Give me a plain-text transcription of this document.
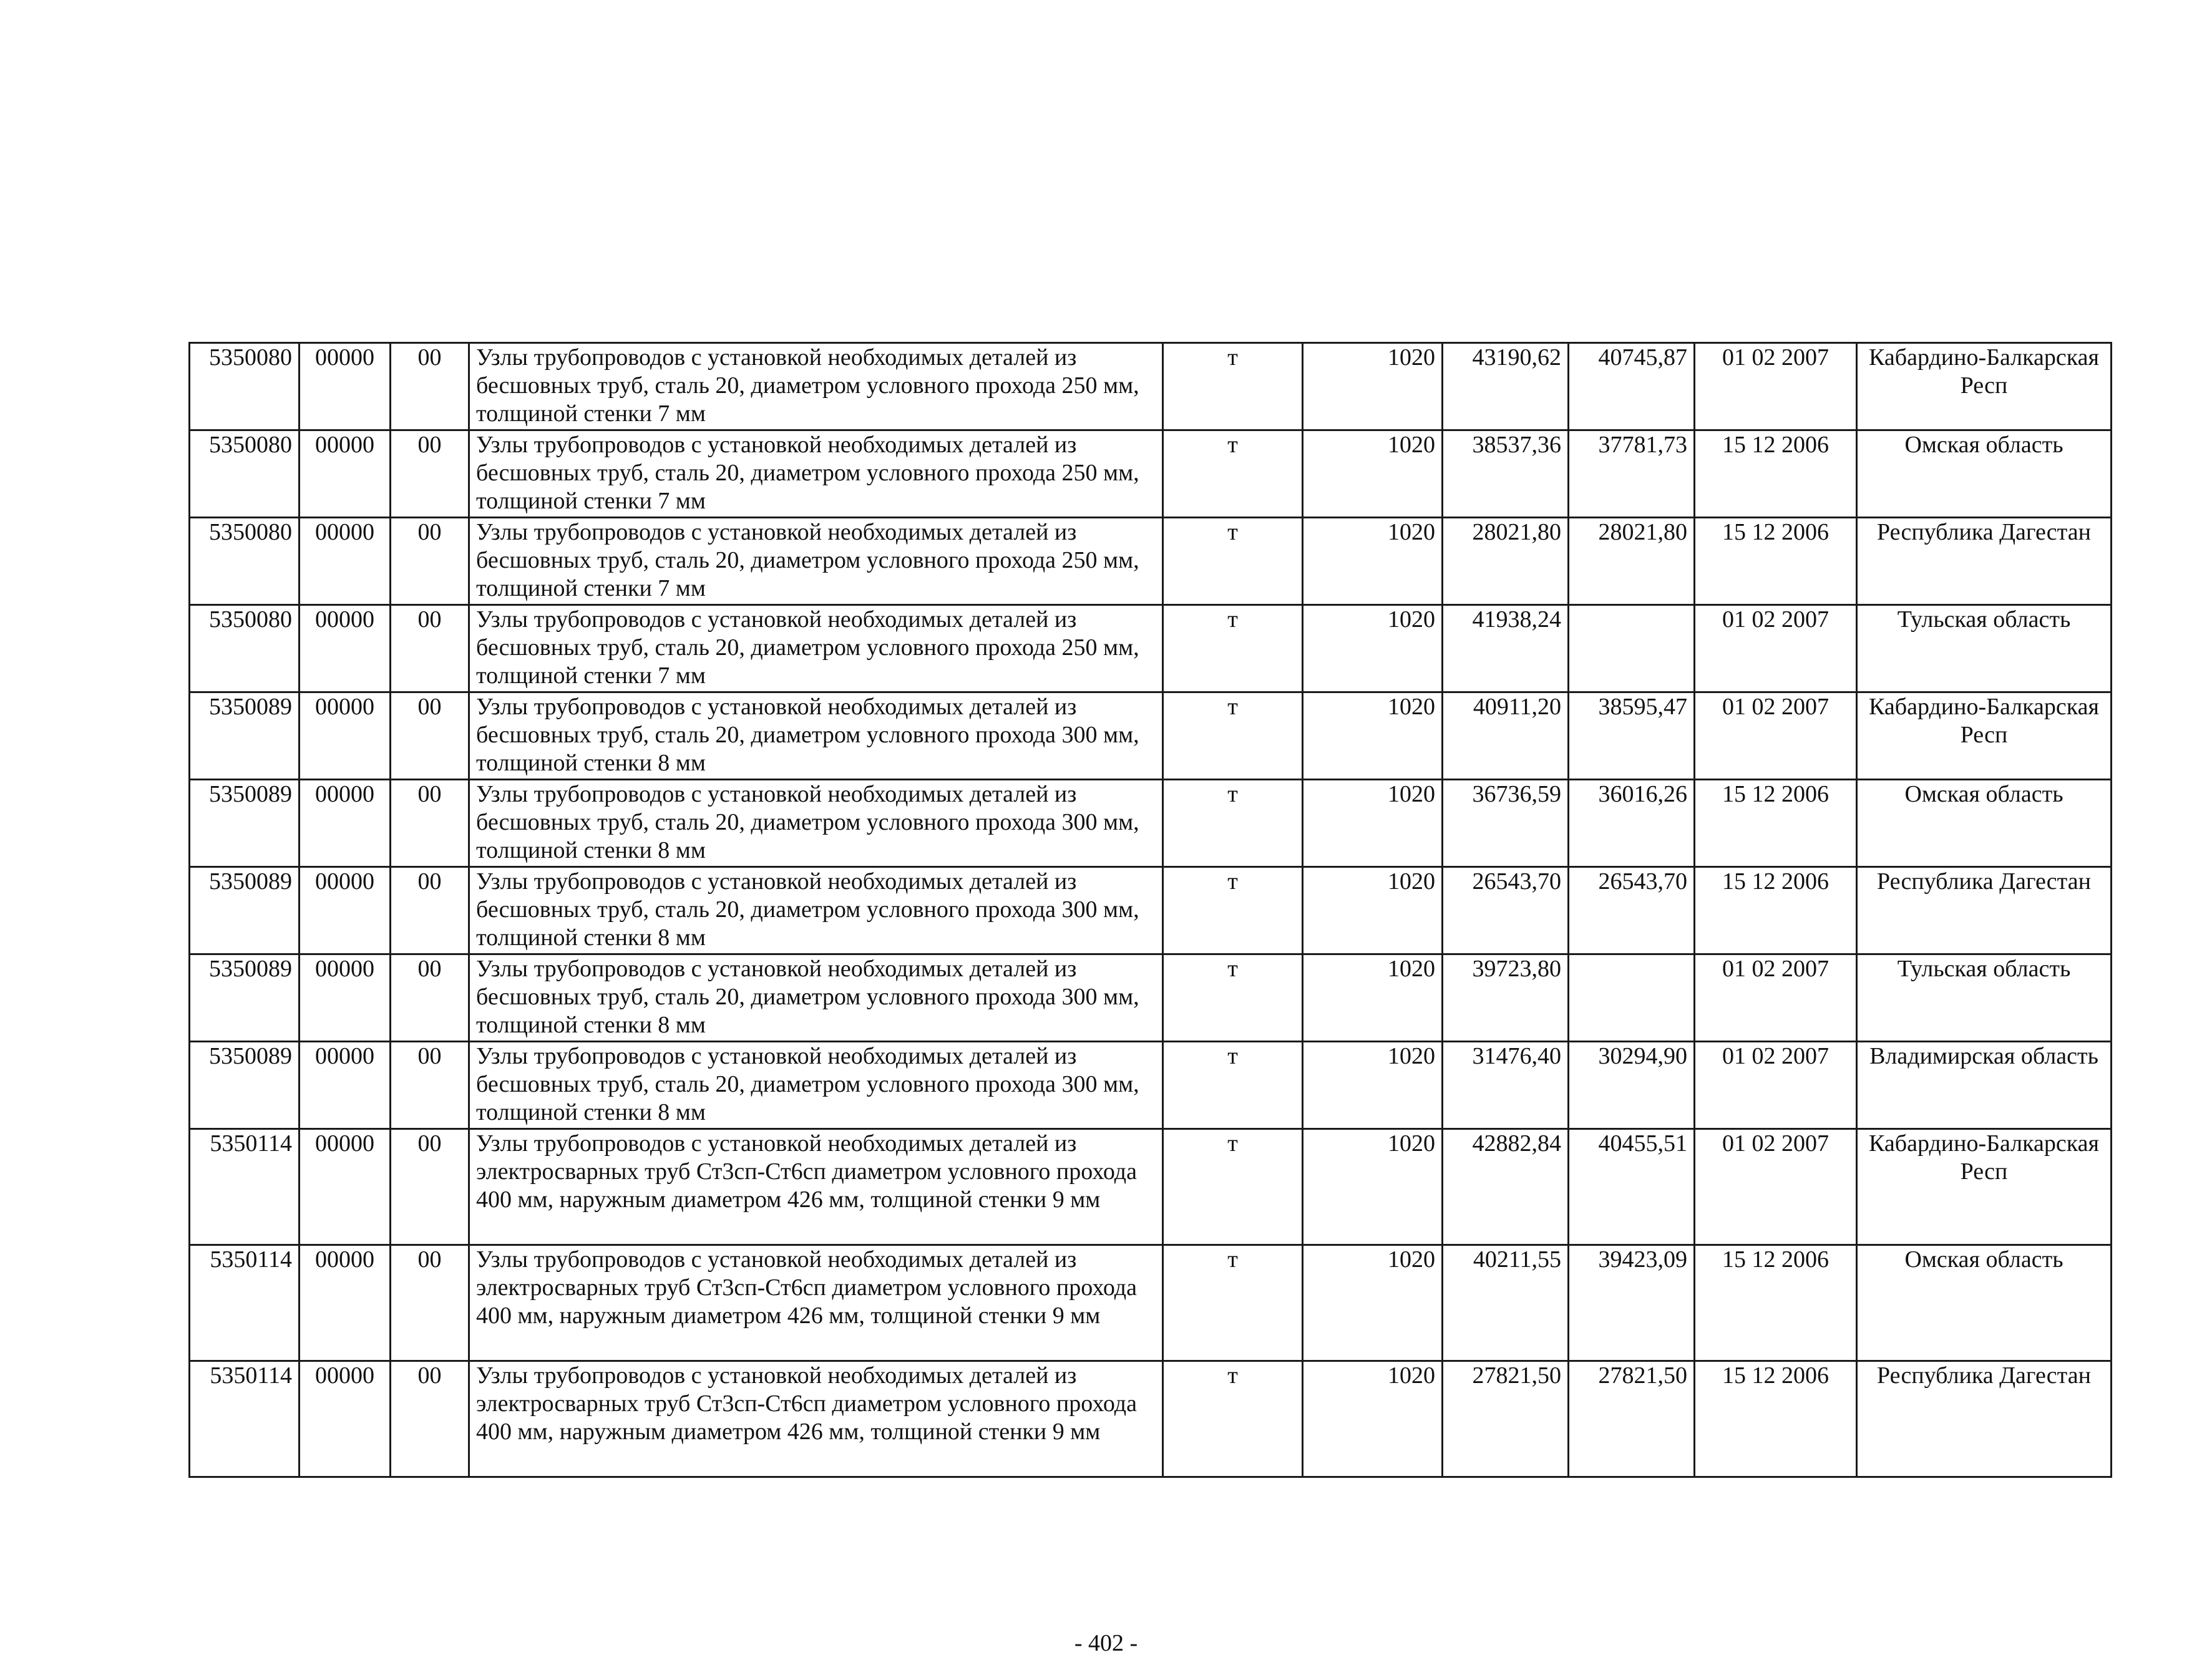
5350080	00000	00	Узлы трубопроводов с установкой необходимых деталей из бесшовных труб, сталь 20, диаметром условного прохода 250 мм, толщиной стенки 7 мм	т	1020	43190,62	40745,87	01 02 2007	Кабардино-Балкарская Респ
5350080	00000	00	Узлы трубопроводов с установкой необходимых деталей из бесшовных труб, сталь 20, диаметром условного прохода 250 мм, толщиной стенки 7 мм	т	1020	38537,36	37781,73	15 12 2006	Омская область
5350080	00000	00	Узлы трубопроводов с установкой необходимых деталей из бесшовных труб, сталь 20, диаметром условного прохода 250 мм, толщиной стенки 7 мм	т	1020	28021,80	28021,80	15 12 2006	Республика Дагестан
5350080	00000	00	Узлы трубопроводов с установкой необходимых деталей из бесшовных труб, сталь 20, диаметром условного прохода 250 мм, толщиной стенки 7 мм	т	1020	41938,24		01 02 2007	Тульская область
5350089	00000	00	Узлы трубопроводов с установкой необходимых деталей из бесшовных труб, сталь 20, диаметром условного прохода 300 мм, толщиной стенки 8 мм	т	1020	40911,20	38595,47	01 02 2007	Кабардино-Балкарская Респ
5350089	00000	00	Узлы трубопроводов с установкой необходимых деталей из бесшовных труб, сталь 20, диаметром условного прохода 300 мм, толщиной стенки 8 мм	т	1020	36736,59	36016,26	15 12 2006	Омская область
5350089	00000	00	Узлы трубопроводов с установкой необходимых деталей из бесшовных труб, сталь 20, диаметром условного прохода 300 мм, толщиной стенки 8 мм	т	1020	26543,70	26543,70	15 12 2006	Республика Дагестан
5350089	00000	00	Узлы трубопроводов с установкой необходимых деталей из бесшовных труб, сталь 20, диаметром условного прохода 300 мм, толщиной стенки 8 мм	т	1020	39723,80		01 02 2007	Тульская область
5350089	00000	00	Узлы трубопроводов с установкой необходимых деталей из бесшовных труб, сталь 20, диаметром условного прохода 300 мм, толщиной стенки 8 мм	т	1020	31476,40	30294,90	01 02 2007	Владимирская область
5350114	00000	00	Узлы трубопроводов с установкой необходимых деталей из электросварных труб Ст3сп-Ст6сп диаметром условного прохода 400 мм, наружным диаметром 426 мм, толщиной стенки 9 мм	т	1020	42882,84	40455,51	01 02 2007	Кабардино-Балкарская Респ
5350114	00000	00	Узлы трубопроводов с установкой необходимых деталей из электросварных труб Ст3сп-Ст6сп диаметром условного прохода 400 мм, наружным диаметром 426 мм, толщиной стенки 9 мм	т	1020	40211,55	39423,09	15 12 2006	Омская область
5350114	00000	00	Узлы трубопроводов с установкой необходимых деталей из электросварных труб Ст3сп-Ст6сп диаметром условного прохода 400 мм, наружным диаметром 426 мм, толщиной стенки 9 мм	т	1020	27821,50	27821,50	15 12 2006	Республика Дагестан
- 402 -
